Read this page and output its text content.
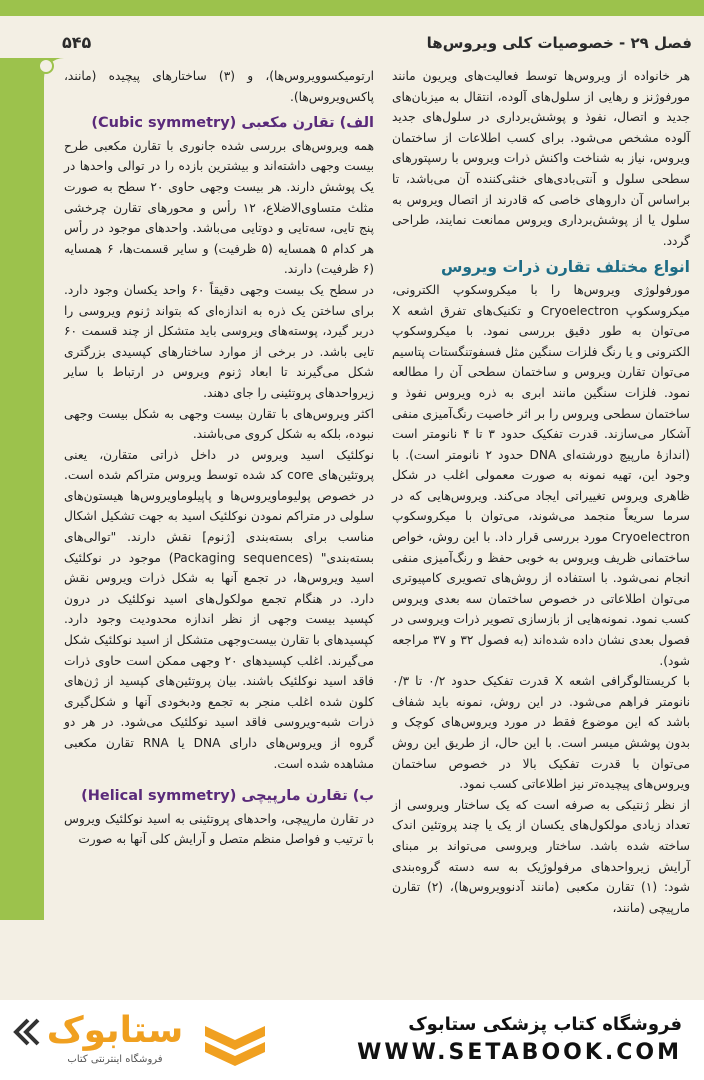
فصل ۲۹ - خصوصیات کلی ویروس‌ها
۵۴۵

هر خانواده از ویروس‌ها توسط فعالیت‌های ویریون مانند مورفوژنز و رهایی از سلول‌های آلوده، انتقال به میزبان‌های جدید و اتصال، نفوذ و پوشش‌برداری در سلول‌های جدید آلوده مشخص می‌شود. برای کسب اطلاعات از ساختمان ویروس، نیاز به شناخت واکنش ذرات ویروس با رسپتورهای سطحی سلول و آنتی‌بادی‌های خنثی‌کننده آن می‌باشد، تا براساس آن داروهای خاصی که قادرند از اتصال ویروس به سلول یا از پوشش‌برداری ویروس ممانعت نمایند، طراحی گردد.

انواع مختلف تقارن ذرات ویروس

مورفولوژی ویروس‌ها را با میکروسکوپ الکترونی، میکروسکوپ Cryoelectron و تکنیک‌های تفرق اشعه X می‌توان به طور دقیق بررسی نمود. با میکروسکوپ الکترونی و یا رنگ فلزات سنگین مثل فسفوتنگستات پتاسیم می‌توان تقارن ویروس و ساختمان سطحی آن را مطالعه نمود. فلزات سنگین مانند ابری به ذره ویروس نفوذ و ساختمان سطحی ویروس را بر اثر خاصیت رنگ‌آمیزی منفی آشکار می‌سازند. قدرت تفکیک حدود ۳ تا ۴ نانومتر است (اندازهٔ مارپیچ دورشته‌ای DNA حدود ۲ نانومتر است). با وجود این، تهیه نمونه به صورت معمولی اغلب در شکل ظاهری ویروس تغییراتی ایجاد می‌کند. ویروس‌هایی که در سرما سریعاً منجمد می‌شوند، می‌توان با میکروسکوپ Cryoelectron مورد بررسی قرار داد. با این روش، خواص ساختمانی ظریف ویروس به خوبی حفظ و رنگ‌آمیزی منفی انجام نمی‌شود. با استفاده از روش‌های تصویری کامپیوتری می‌توان اطلاعاتی در خصوص ساختمان سه بعدی ویروس کسب نمود. نمونه‌هایی از بازسازی تصویر ذرات ویروسی در فصول بعدی نشان داده شده‌اند (به فصول ۳۲ و ۳۷ مراجعه شود).

با کریستالوگرافی اشعه X قدرت تفکیک حدود ۰/۲ تا ۰/۳ نانومتر فراهم می‌شود. در این روش، نمونه باید شفاف باشد که این موضوع فقط در مورد ویروس‌های کوچک و بدون پوشش میسر است. با این حال، از طریق این روش می‌توان با قدرت تفکیک بالا در خصوص ساختمان ویروس‌های پیچیده‌تر نیز اطلاعاتی کسب نمود.

از نظر ژنتیکی به صرفه است که یک ساختار ویروسی از تعداد زیادی مولکول‌های یکسان از یک یا چند پروتئین اندک ساخته شده باشد. ساختار ویروسی می‌تواند بر مبنای آرایش زیرواحدهای مرفولوژیک به سه دسته گروه‌بندی شود: (۱) تقارن مکعبی (مانند آدنوویروس‌ها)، (۲) تقارن مارپیچی (مانند،

ارتومیکسوویروس‌ها)، و (۳) ساختارهای پیچیده (مانند، پاکس‌ویروس‌ها).

الف) تقارن مکعبی (Cubic symmetry)

همه ویروس‌های بررسی شده جانوری با تقارن مکعبی طرح بیست وجهی داشته‌اند و بیشترین بازده را در توالی واحدها در یک پوشش دارند. هر بیست وجهی حاوی ۲۰ سطح به صورت مثلث متساوی‌الاضلاع، ۱۲ رأس و محورهای تقارن چرخشی پنج تایی، سه‌تایی و دوتایی می‌باشد. واحدهای موجود در رأس هر کدام ۵ همسایه (۵ ظرفیت) و سایر قسمت‌ها، ۶ همسایه (۶ ظرفیت) دارند.

در سطح یک بیست وجهی دقیقاً ۶۰ واحد یکسان وجود دارد. برای ساختن یک ذره به اندازه‌ای که بتواند ژنوم ویروسی را دربر گیرد، پوسته‌های ویروسی باید متشکل از چند قسمت ۶۰ تایی باشد. در برخی از موارد ساختارهای کپسیدی بزرگتری شکل می‌گیرند تا ابعاد ژنوم ویروس در ارتباط با سایر زیرواحدهای پروتئینی را جای دهند.

اکثر ویروس‌های با تقارن بیست وجهی به شکل بیست وجهی نبوده، بلکه به شکل کروی می‌باشند.

نوکلئیک اسید ویروس در داخل ذراتی متقارن، یعنی پروتئین‌های core کد شده توسط ویروس متراکم شده است. در خصوص پولیوماویروس‌ها و پاپیلوماویروس‌ها هیستون‌های سلولی در متراکم نمودن نوکلئیک اسید به جهت تشکیل اشکال مناسب برای بسته‌بندی [ژنوم] نقش دارند. "توالی‌های بسته‌بندی" (Packaging sequences) موجود در نوکلئیک اسید ویروس‌ها، در تجمع آنها به شکل ذرات ویروس نقش دارد. در هنگام تجمع مولکول‌های اسید نوکلئیک در درون کپسید بیست وجهی از نظر اندازه محدودیت وجود دارد. کپسیدهای با تقارن بیست‌وجهی متشکل از اسید نوکلئیک شکل می‌گیرند. اغلب کپسیدهای ۲۰ وجهی ممکن است حاوی ذرات فاقد اسید نوکلئیک باشند. بیان پروتئین‌های کپسید از ژن‌های کلون شده اغلب منجر به تجمع ودبخودی آنها و شکل‌گیری ذرات شبه-ویروسی فاقد اسید نوکلئیک می‌شود. در هر دو گروه از ویروس‌های دارای DNA یا RNA تقارن مکعبی مشاهده شده است.

ب) تقارن مارپیچی (Helical symmetry)

در تقارن مارپیچی، واحدهای پروتئینی به اسید نوکلئیک ویروس با ترتیب و فواصل منظم متصل و آرایش کلی آنها به صورت

فروشگاه کتاب پزشکی ستابوک
WWW.SETABOOK.COM
ستابوک
فروشگاه اینترنتی کتاب
